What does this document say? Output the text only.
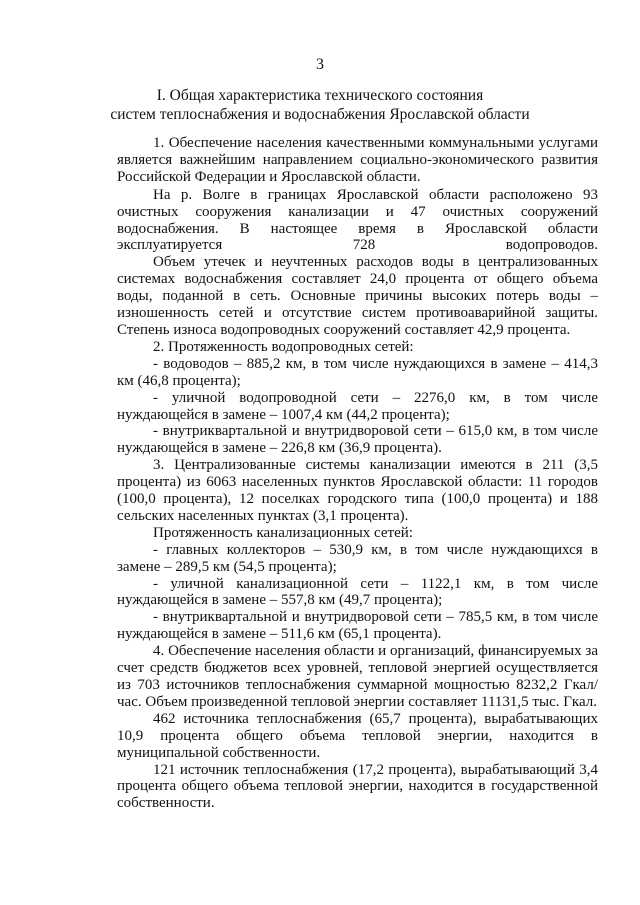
3
I. Общая характеристика технического состояния
систем теплоснабжения и водоснабжения Ярославской области

1. Обеспечение населения качественными коммунальными услугами является важнейшим направлением социально-экономического развития Российской Федерации и Ярославской области.

На р. Волге в границах Ярославской области расположено 93 очистных сооружения канализации и 47 очистных сооружений водоснабжения. В настоящее время в Ярославской области эксплуатируется 728 водопроводов.

Объем утечек и неучтенных расходов воды в централизованных системах водоснабжения составляет 24,0 процента от общего объема воды, поданной в сеть. Основные причины высоких потерь воды – изношенность сетей и отсутствие систем противоаварийной защиты. Степень износа водопроводных сооружений составляет 42,9 процента.

2. Протяженность водопроводных сетей:

- водоводов – 885,2 км, в том числе нуждающихся в замене – 414,3 км (46,8 процента);

- уличной водопроводной сети – 2276,0 км, в том числе нуждающейся в замене – 1007,4 км (44,2 процента);

- внутриквартальной и внутридворовой сети – 615,0 км, в том числе нуждающейся в замене – 226,8 км (36,9 процента).

3. Централизованные системы канализации имеются в 211 (3,5 процента) из 6063 населенных пунктов Ярославской области: 11 городов (100,0 процента), 12 поселках городского типа (100,0 процента) и 188 сельских населенных пунктах (3,1 процента).

Протяженность канализационных сетей:

- главных коллекторов – 530,9 км, в том числе нуждающихся в замене – 289,5 км (54,5 процента);

- уличной канализационной сети – 1122,1 км, в том числе нуждающейся в замене – 557,8 км (49,7 процента);

- внутриквартальной и внутридворовой сети – 785,5 км, в том числе нуждающейся в замене – 511,6 км (65,1 процента).

4. Обеспечение населения области и организаций, финансируемых за счет средств бюджетов всех уровней, тепловой энергией осуществляется из 703 источников теплоснабжения суммарной мощностью 8232,2 Гкал/час. Объем произведенной тепловой энергии составляет 11131,5 тыс. Гкал.

462 источника теплоснабжения (65,7 процента), вырабатывающих 10,9 процента общего объема тепловой энергии, находится в муниципальной собственности.

121 источник теплоснабжения (17,2 процента), вырабатывающий 3,4 процента общего объема тепловой энергии, находится в государственной собственности.
